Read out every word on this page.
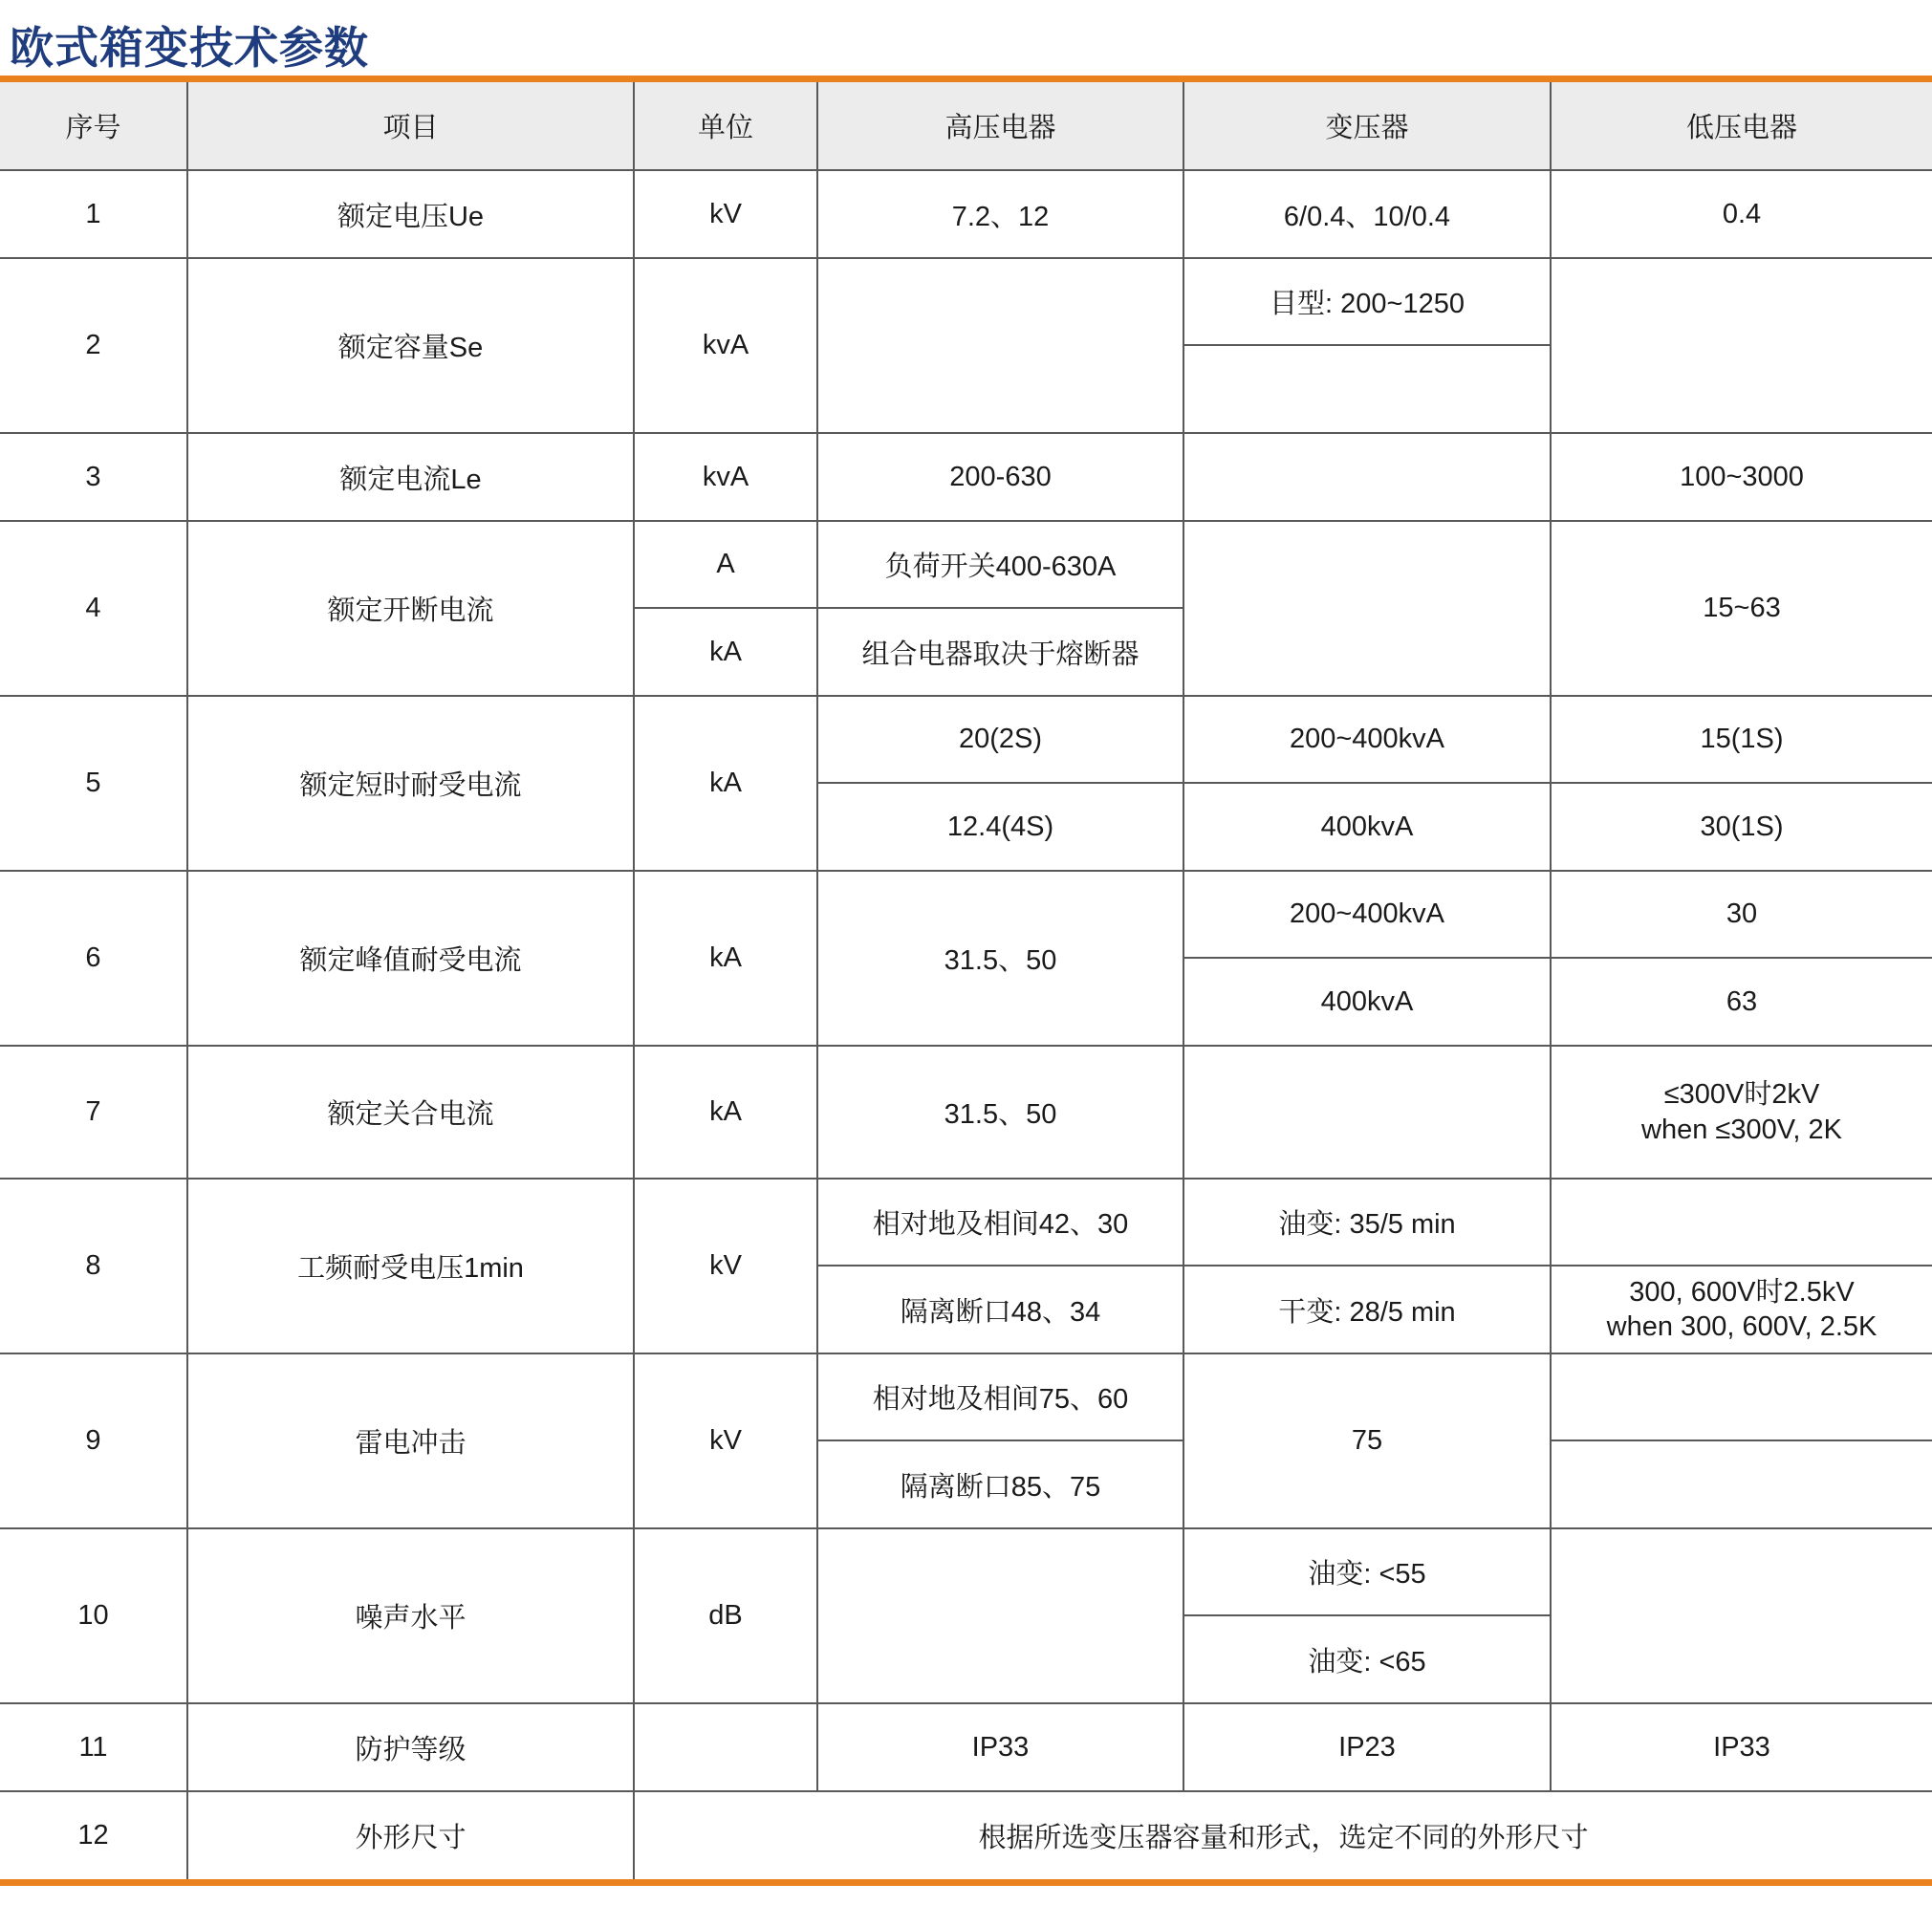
欧式箱变技术参数
序号	项目	单位	高压电器	变压器	低压电器
1	额定电压Ue	kV	7.2、12	6/0.4、10/0.4	0.4
2	额定容量Se	kvA		目型: 200~1250	

3	额定电流Le	kvA	200-630		100~3000
4	额定开断电流	A	负荷开关400-630A		15~63
		kA	组合电器取决于熔断器		
5	额定短时耐受电流	kA	20(2S)	200~400kvA	15(1S)
			12.4(4S)	400kvA	30(1S)
6	额定峰值耐受电流	kA	31.5、50	200~400kvA	30
				400kvA	63
7	额定关合电流	kA	31.5、50		≤300V时2kV
when ≤300V, 2K

8	工频耐受电压1min	kV	相对地及相间42、30	油变: 35/5 min	
			隔离断口48、34	干变: 28/5 min	300, 600V时2.5kV
when 300, 600V, 2.5K

9	雷电冲击	kV	相对地及相间75、60	75	
			隔离断口85、75		
10	噪声水平	dB		油变: <55	
				油变: <65	
11	防护等级		IP33	IP23	IP33
12	外形尺寸	根据所选变压器容量和形式，选定不同的外形尺寸			
